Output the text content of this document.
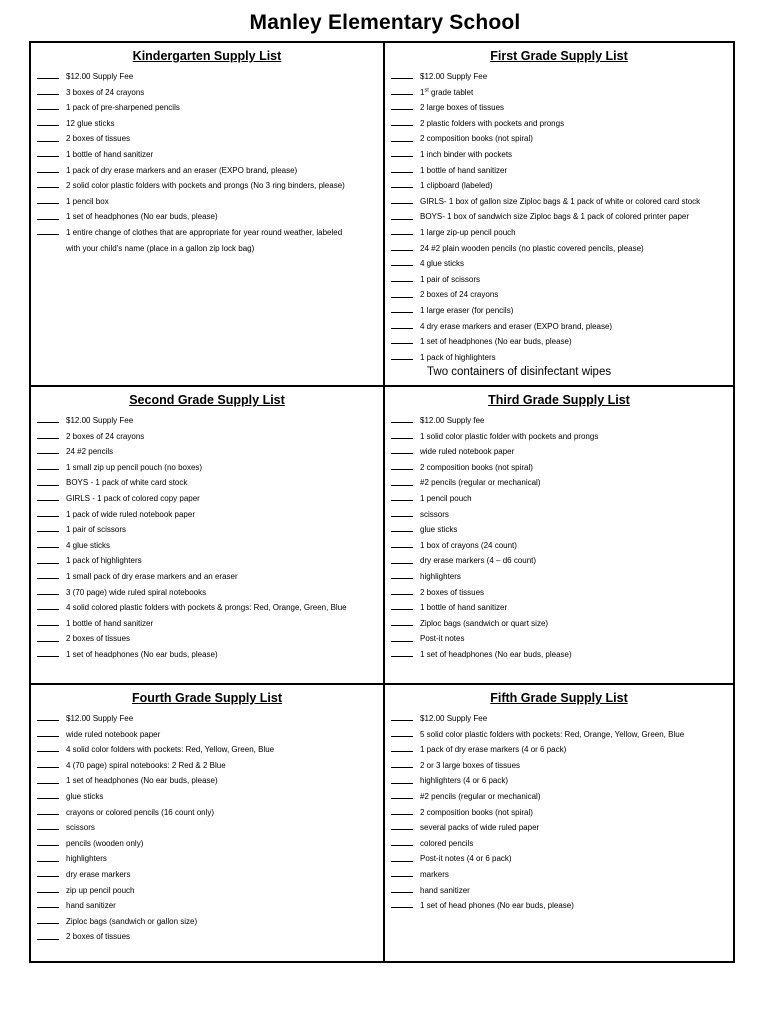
Manley Elementary School
Kindergarten Supply List
$12.00 Supply Fee
3 boxes of 24 crayons
1 pack of pre-sharpened pencils
12 glue sticks
2 boxes of tissues
1 bottle of hand sanitizer
1 pack of dry erase markers and an eraser (EXPO brand, please)
2 solid color plastic folders with pockets and prongs (No 3 ring binders, please)
1 pencil box
1 set of headphones (No ear buds, please)
1 entire change of clothes that are appropriate for year round weather, labeled
with your child's name (place in a gallon zip lock bag)
First Grade Supply List
$12.00 Supply Fee
1st grade tablet
2 large boxes of tissues
2 plastic folders with pockets and prongs
2 composition books (not spiral)
1 inch binder with pockets
1 bottle of hand sanitizer
1 clipboard (labeled)
GIRLS- 1 box of gallon size Ziploc bags & 1 pack of white or colored card stock
BOYS- 1 box of sandwich size Ziploc bags & 1 pack of colored printer paper
1 large zip-up pencil pouch
24 #2 plain wooden pencils (no plastic covered pencils, please)
4 glue sticks
1 pair of scissors
2 boxes of 24 crayons
1 large eraser (for pencils)
4 dry erase markers and eraser (EXPO brand, please)
1 set of headphones (No ear buds, please)
1 pack of highlighters
Two containers of disinfectant wipes
Second Grade Supply List
$12.00 Supply Fee
2 boxes of 24 crayons
24 #2 pencils
1 small zip up pencil pouch (no boxes)
BOYS - 1 pack of white card stock
GIRLS - 1 pack of colored copy paper
1 pack of wide ruled notebook paper
1 pair of scissors
4 glue sticks
1 pack of highlighters
1 small pack of dry erase markers and an eraser
3 (70 page) wide ruled spiral notebooks
4 solid colored plastic folders with pockets & prongs: Red, Orange, Green, Blue
1 bottle of hand sanitizer
2 boxes of tissues
1 set of headphones (No ear buds, please)
Third Grade Supply List
$12.00 Supply fee
1 solid color plastic folder with pockets and prongs
wide ruled notebook paper
2 composition books (not spiral)
#2 pencils (regular or mechanical)
1 pencil pouch
scissors
glue sticks
1 box of crayons (24 count)
dry erase markers (4 – d6 count)
highlighters
2 boxes of tissues
1 bottle of hand sanitizer
Ziploc bags (sandwich or quart size)
Post-it notes
1 set of headphones (No ear buds, please)
Fourth Grade Supply List
$12.00 Supply Fee
wide ruled notebook paper
4 solid color folders with pockets: Red, Yellow, Green, Blue
4 (70 page) spiral notebooks: 2 Red & 2 Blue
1 set of headphones (No ear buds, please)
glue sticks
crayons or colored pencils (16 count only)
scissors
pencils (wooden only)
highlighters
dry erase markers
zip up pencil pouch
hand sanitizer
Ziploc bags (sandwich or gallon size)
2 boxes of tissues
Fifth Grade Supply List
$12.00 Supply Fee
5 solid color plastic folders with pockets: Red, Orange, Yellow, Green, Blue
1 pack of dry erase markers (4 or 6 pack)
2 or 3 large boxes of tissues
highlighters (4 or 6 pack)
#2 pencils (regular or mechanical)
2 composition books (not spiral)
several packs of wide ruled paper
colored pencils
Post-it notes (4 or 6 pack)
markers
hand sanitizer
1 set of head phones (No ear buds, please)
